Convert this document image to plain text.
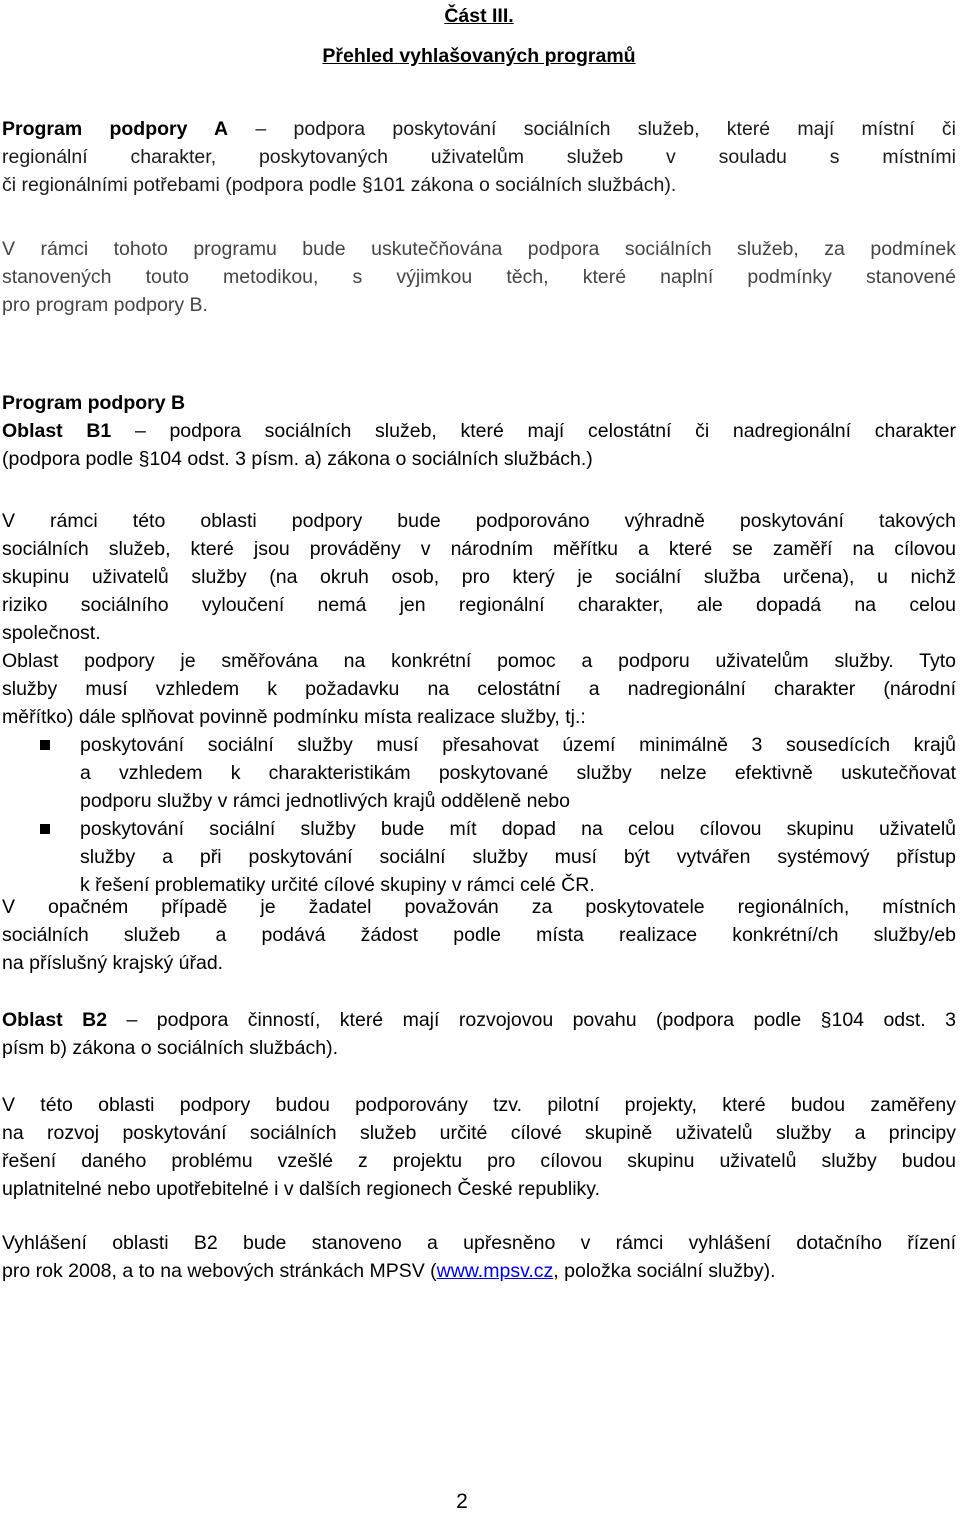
Část III.
Přehled vyhlašovaných programů
Program podpory A – podpora poskytování sociálních služeb, které mají místní či
regionální charakter, poskytovaných uživatelům služeb v souladu s místními
či regionálními potřebami (podpora podle §101 zákona o sociálních službách).
V rámci tohoto programu bude uskutečňována podpora sociálních služeb, za podmínek
stanovených touto metodikou, s výjimkou těch, které naplní podmínky stanovené
pro program podpory B.
Program podpory B
Oblast B1 – podpora sociálních služeb, které mají celostátní či nadregionální charakter
(podpora podle §104 odst. 3 písm. a) zákona o sociálních službách.)
V rámci této oblasti podpory bude podporováno výhradně poskytování takových
sociálních služeb, které jsou prováděny v národním měřítku a které se zaměří na cílovou
skupinu uživatelů služby (na okruh osob, pro který je sociální služba určena), u nichž
riziko sociálního vyloučení nemá jen regionální charakter, ale dopadá na celou
společnost.
Oblast podpory je směřována na konkrétní pomoc a podporu uživatelům služby. Tyto
služby musí vzhledem k požadavku na celostátní a nadregionální charakter (národní
měřítko) dále splňovat povinně podmínku místa realizace služby, tj.:
poskytování sociální služby musí přesahovat území minimálně 3 sousedících krajů
a vzhledem k charakteristikám poskytované služby nelze efektivně uskutečňovat
podporu služby v rámci jednotlivých krajů odděleně nebo
poskytování sociální služby bude mít dopad na celou cílovou skupinu uživatelů
služby a při poskytování sociální služby musí být vytvářen systémový přístup
k řešení problematiky určité cílové skupiny v rámci celé ČR.
V opačném případě je žadatel považován za poskytovatele regionálních, místních
sociálních služeb a podává žádost podle místa realizace konkrétní/ch služby/eb
na příslušný krajský úřad.
Oblast B2 – podpora činností, které mají rozvojovou povahu (podpora podle §104 odst. 3
písm b) zákona o sociálních službách).
V této oblasti podpory budou podporovány tzv. pilotní projekty, které budou zaměřeny
na rozvoj poskytování sociálních služeb určité cílové skupině uživatelů služby a principy
řešení daného problému vzešlé z projektu pro cílovou skupinu uživatelů služby budou
uplatnitelné nebo upotřebitelné i v dalších regionech České republiky.
Vyhlášení oblasti B2 bude stanoveno a upřesněno v rámci vyhlášení dotačního řízení
pro rok 2008, a to na webových stránkách MPSV (www.mpsv.cz, položka sociální služby).
2
